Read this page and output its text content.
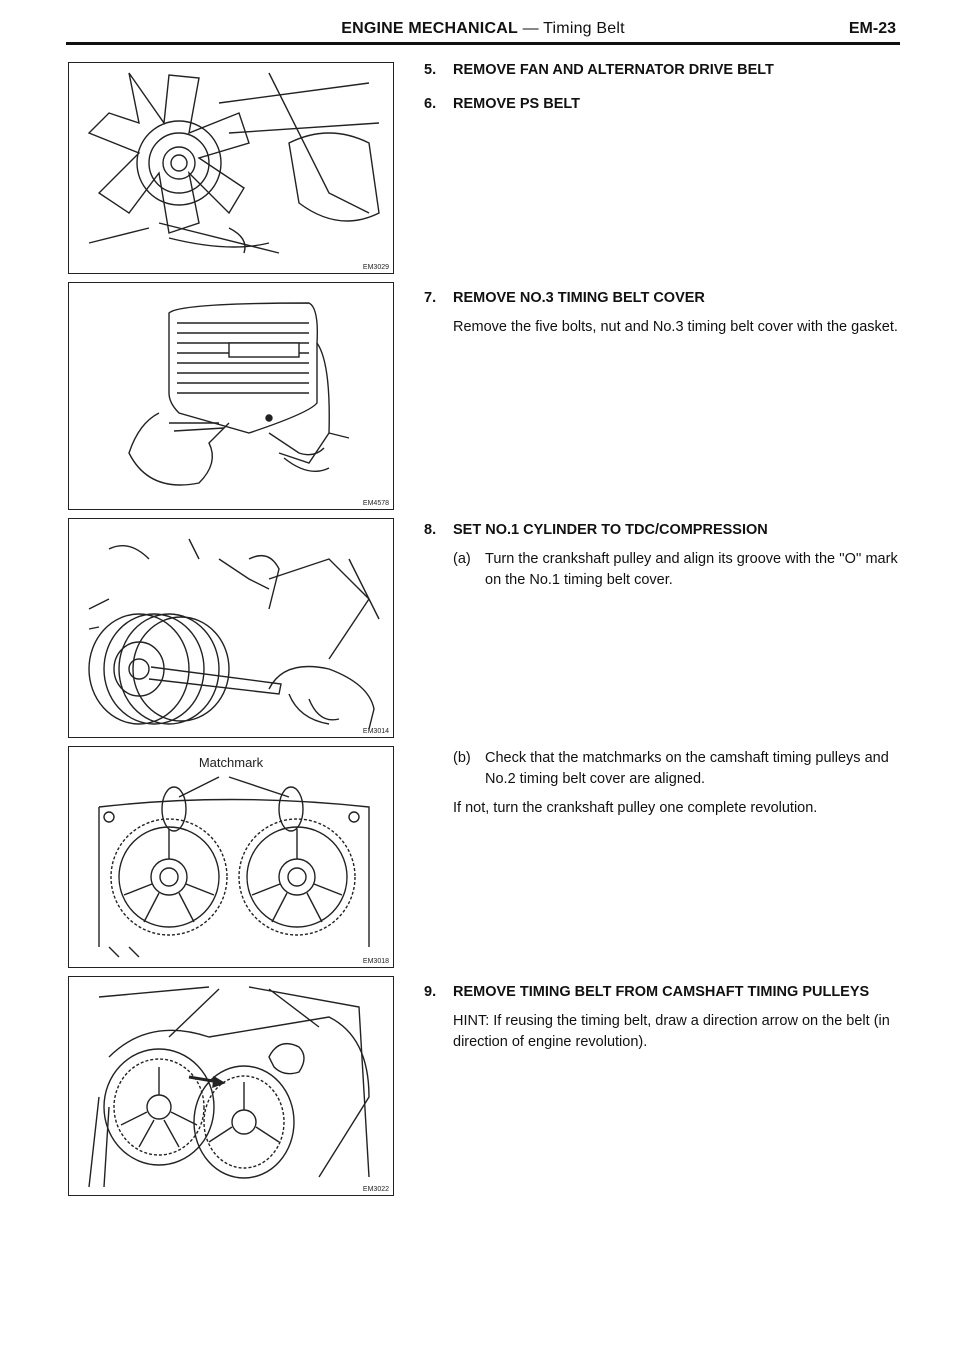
ENGINE MECHANICAL — Timing Belt	EM-23
EM3029
EM4578
EM3014
Matchmark
EM3018
EM3022
5. REMOVE FAN AND ALTERNATOR DRIVE BELT
6. REMOVE PS BELT
7. REMOVE NO.3 TIMING BELT COVER
Remove the five bolts, nut and No.3 timing belt cover with the gasket.
8. SET NO.1 CYLINDER TO TDC/COMPRESSION
(a) Turn the crankshaft pulley and align its groove with the ''O'' mark on the No.1 timing belt cover.
(b) Check that the matchmarks on the camshaft timing pulleys and No.2 timing belt cover are aligned.
If not, turn the crankshaft pulley one complete revolution.
9. REMOVE TIMING BELT FROM CAMSHAFT TIMING PULLEYS
HINT: If reusing the timing belt, draw a direction arrow on the belt (in direction of engine revolution).
